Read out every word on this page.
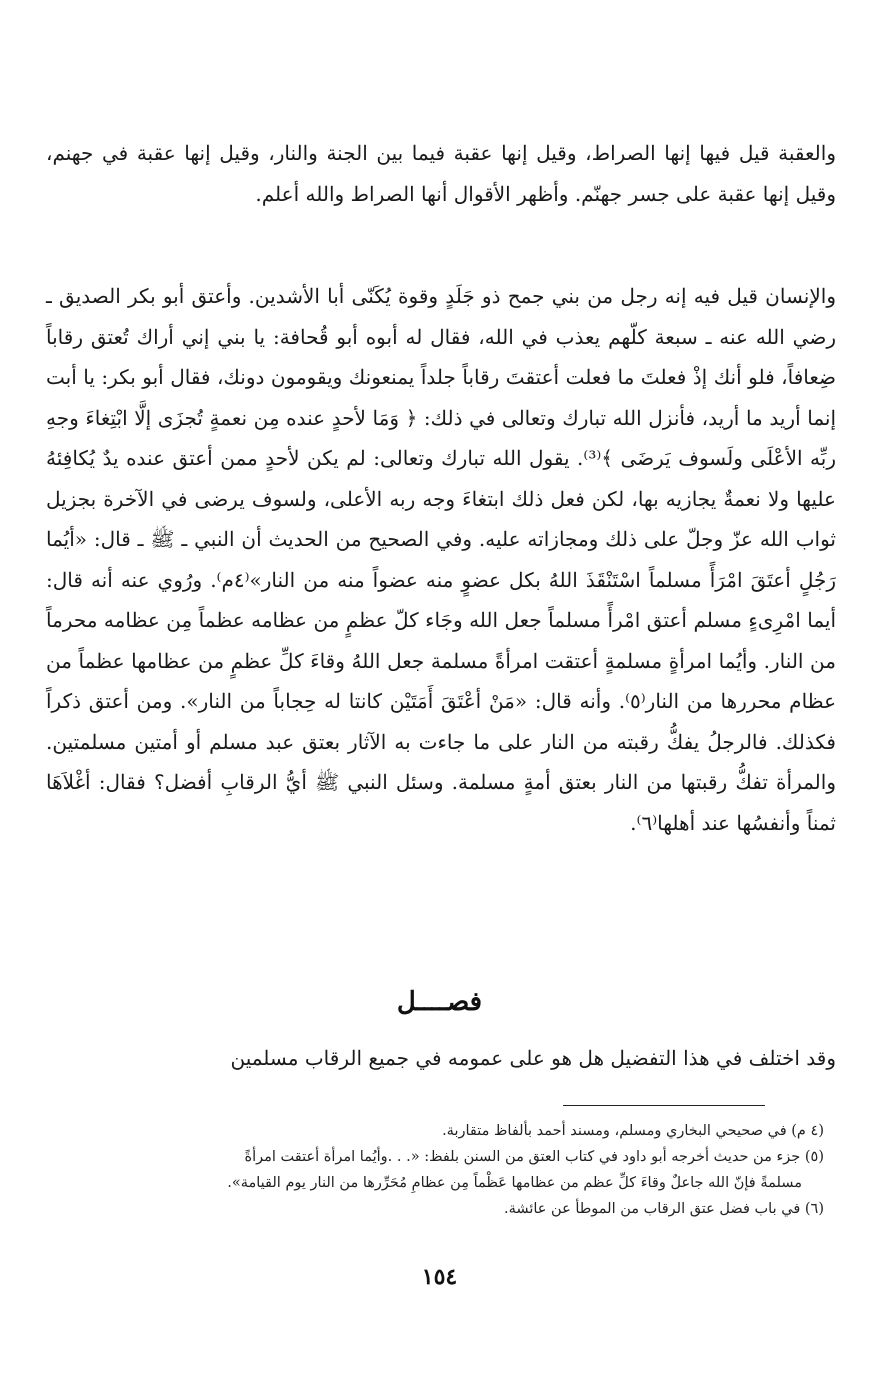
والعقبة قيل فيها إنها الصراط، وقيل إنها عقبة فيما بين الجنة والنار، وقيل إنها عقبة في جهنم، وقيل إنها عقبة على جسر جهنّم. وأظهر الأقوال أنها الصراط والله أعلم.
والإنسان قيل فيه إنه رجل من بني جمح ذو جَلَدٍ وقوة يُكَنّى أبا الأشدين. وأعتق أبو بكر الصديق ـ رضي الله عنه ـ سبعة كلّهم يعذب في الله، فقال له أبوه أبو قُحافة: يا بني إني أراك تُعتق رقاباً ضِعافاً، فلو أنك إذْ فعلتَ ما فعلت أعتقتَ رقاباً جلداً يمنعونك ويقومون دونك، فقال أبو بكر: يا أبت إنما أريد ما أريد، فأنزل الله تبارك وتعالى في ذلك: ﴿ وَمَا لأحدٍ عنده مِن نعمةٍ تُجزَى إلَّا ابْتِغاءَ وجهِ ربِّه الأعْلَى ولَسوف يَرضَى ﴾⁽³⁾. يقول الله تبارك وتعالى: لم يكن لأحدٍ ممن أعتق عنده يدٌ يُكافِئهُ عليها ولا نعمةٌ يجازيه بها، لكن فعل ذلك ابتغاءَ وجه ربه الأعلى، ولسوف يرضى في الآخرة بجزيل ثواب الله عزّ وجلّ على ذلك ومجازاته عليه. وفي الصحيح من الحديث أن النبي ـ ﷺ ـ قال: «أيُما رَجُلٍ أعتَقَ امْرَأً مسلماً اسْتَنْقَذَ اللهُ بكل عضوٍ منه عضواً منه من النار»⁽٤م⁾. ورُوي عنه أنه قال: أيما امْرِىءٍ مسلم أعتق امْرأً مسلماً جعل الله وجَاء كلّ عظمٍ من عظامه عظماً مِن عظامه محرماً من النار. وأيُما امرأةٍ مسلمةٍ أعتقت امرأةً مسلمة جعل اللهُ وقاءَ كلِّ عظمٍ من عظامها عظماً من عظام محررها من النار⁽٥⁾. وأنه قال: «مَنْ أعْتَقَ أَمَتَيْن كانتا له حِجاباً من النار». ومن أعتق ذكراً فكذلك. فالرجلُ يفكُّ رقبته من النار على ما جاءت به الآثار بعتق عبد مسلم أو أمتين مسلمتين. والمرأة تفكُّ رقبتها من النار بعتق أمةٍ مسلمة. وسئل النبي ﷺ أيُّ الرقابِ أفضل؟ فقال: أغْلاَهَا ثمناً وأنفسُها عند أهلها⁽٦⁾.
فصــــل
وقد اختلف في هذا التفضيل هل هو على عمومه في جميع الرقاب مسلمين

(٤ م) في صحيحي البخاري ومسلم، ومسند أحمد بألفاظ متقاربة.

(٥) جزء من حديث أخرجه أبو داود في كتاب العتق من السنن بلفظ: «. . .وأيُما امرأة أعتقت امرأةً

مسلمةً فإنّ الله جاعلٌ وقاءَ كلِّ عظم من عظامها عَظْماً مِن عظامِ مُحَرِّرها من النار يوم القيامة».

(٦) في باب فضل عتق الرقاب من الموطأ عن عائشة.

١٥٤
